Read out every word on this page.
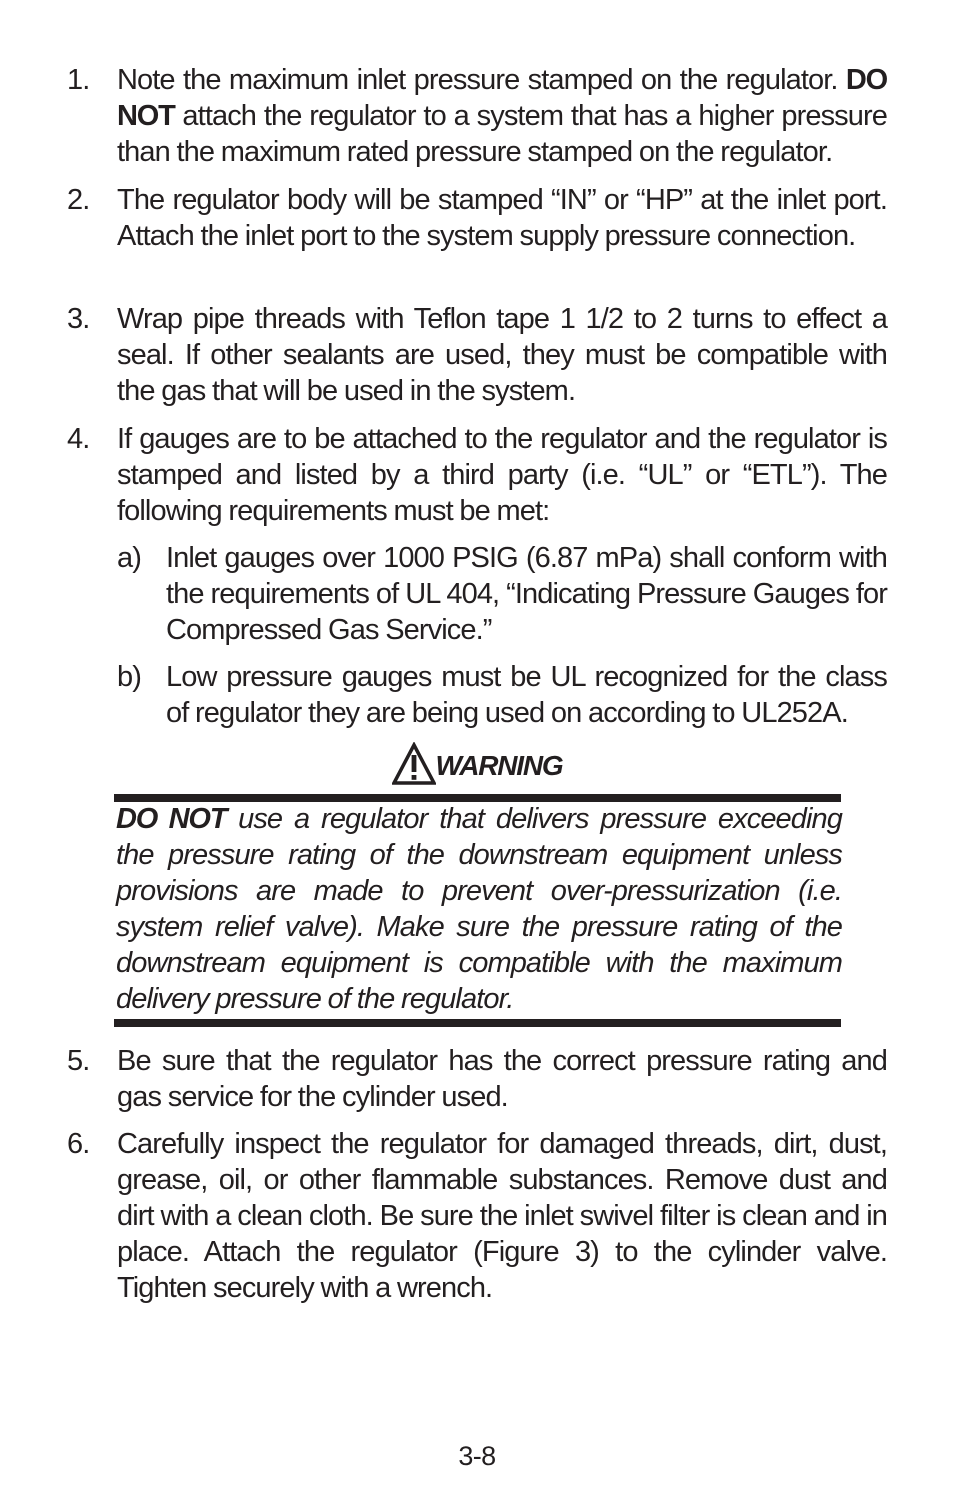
1. Note the maximum inlet pressure stamped on the regulator. DO NOT attach the regulator to a system that has a higher pressure than the maximum rated pressure stamped on the regulator.
2. The regulator body will be stamped “IN” or “HP” at the inlet port. Attach the inlet port to the system supply pressure connection.
3. Wrap pipe threads with Teflon tape 1 1/2 to 2 turns to effect a seal. If other sealants are used, they must be compatible with the gas that will be used in the system.
4. If gauges are to be attached to the regulator and the regulator is stamped and listed by a third party (i.e. “UL” or “ETL”). The following requirements must be met:
a) Inlet gauges over 1000 PSIG (6.87 mPa) shall conform with the requirements of UL 404, “Indicating Pressure Gauges for Compressed Gas Service.”
b) Low pressure gauges must be UL recognized for the class of regulator they are being used on according to UL252A.
WARNING
DO NOT use a regulator that delivers pressure exceeding the pressure rating of the downstream equipment unless provisions are made to prevent over-pressurization (i.e. system relief valve). Make sure the pressure rating of the downstream equipment is compatible with the maximum delivery pressure of the regulator.
5. Be sure that the regulator has the correct pressure rating and gas service for the cylinder used.
6. Carefully inspect the regulator for damaged threads, dirt, dust, grease, oil, or other flammable substances. Remove dust and dirt with a clean cloth. Be sure the inlet swivel filter is clean and in place. Attach the regulator (Figure 3) to the cylinder valve. Tighten securely with a wrench.
3-8
